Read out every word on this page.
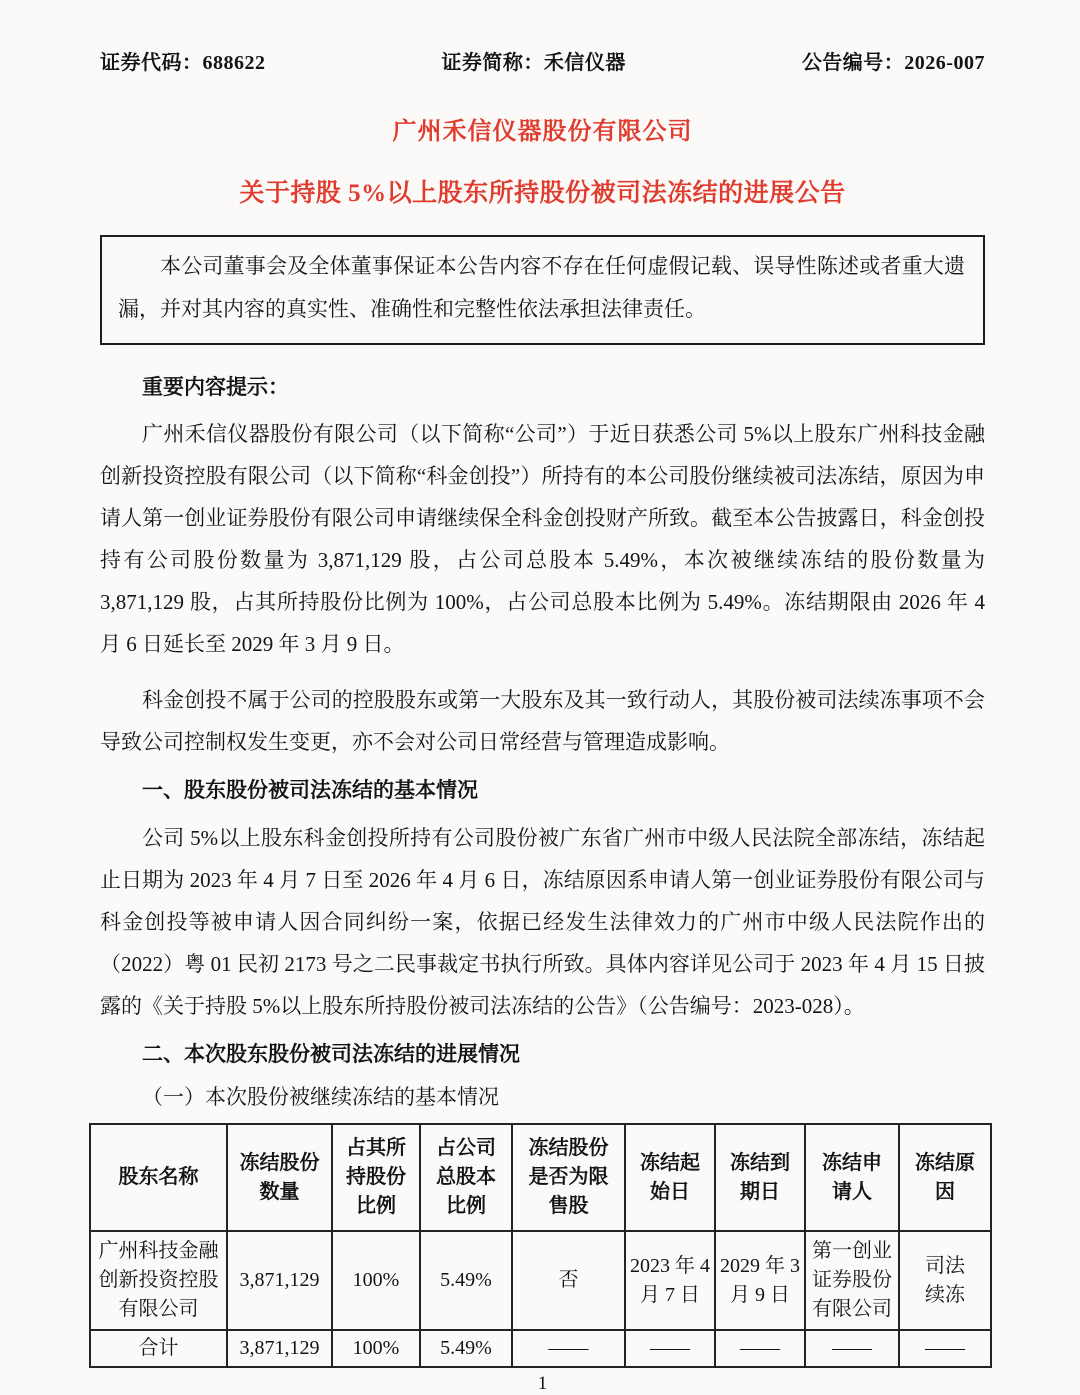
证券代码：688622	证券简称：禾信仪器	公告编号：2026-007
广州禾信仪器股份有限公司
关于持股 5%以上股东所持股份被司法冻结的进展公告
本公司董事会及全体董事保证本公告内容不存在任何虚假记载、误导性陈述或者重大遗漏，并对其内容的真实性、准确性和完整性依法承担法律责任。
重要内容提示：

广州禾信仪器股份有限公司（以下简称“公司”）于近日获悉公司 5%以上股东广州科技金融创新投资控股有限公司（以下简称“科金创投”）所持有的本公司股份继续被司法冻结，原因为申请人第一创业证券股份有限公司申请继续保全科金创投财产所致。截至本公告披露日，科金创投持有公司股份数量为 3,871,129 股，占公司总股本 5.49%，本次被继续冻结的股份数量为 3,871,129 股，占其所持股份比例为 100%，占公司总股本比例为 5.49%。冻结期限由 2026 年 4 月 6 日延长至 2029 年 3 月 9 日。

科金创投不属于公司的控股股东或第一大股东及其一致行动人，其股份被司法续冻事项不会导致公司控制权发生变更，亦不会对公司日常经营与管理造成影响。

一、股东股份被司法冻结的基本情况

公司 5%以上股东科金创投所持有公司股份被广东省广州市中级人民法院全部冻结，冻结起止日期为 2023 年 4 月 7 日至 2026 年 4 月 6 日，冻结原因系申请人第一创业证券股份有限公司与科金创投等被申请人因合同纠纷一案，依据已经发生法律效力的广州市中级人民法院作出的（2022）粤 01 民初 2173 号之二民事裁定书执行所致。具体内容详见公司于 2023 年 4 月 15 日披露的《关于持股 5%以上股东所持股份被司法冻结的公告》（公告编号：2023-028）。

二、本次股东股份被司法冻结的进展情况
（一）本次股份被继续冻结的基本情况
股东名称	冻结股份数量	占其所持股份比例	占公司总股本比例	冻结股份是否为限售股	冻结起始日	冻结到期日	冻结申请人	冻结原因
广州科技金融创新投资控股有限公司	3,871,129	100%	5.49%	否	2023 年 4 月 7 日	2029 年 3 月 9 日	第一创业证券股份有限公司	司法续冻
合计	3,871,129	100%	5.49%	——	——	——	——	——
1
